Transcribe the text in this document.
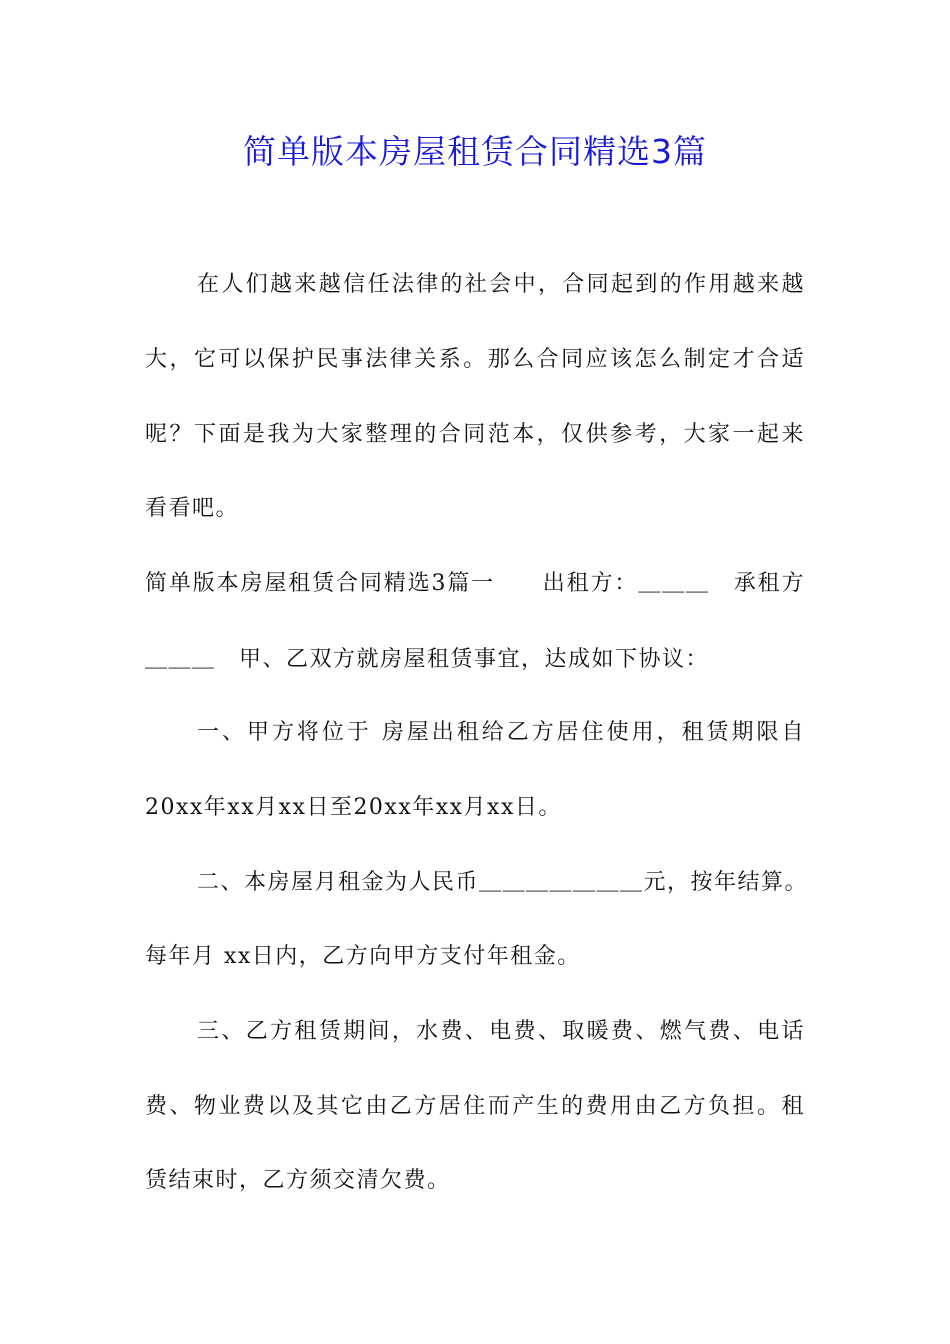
简单版本房屋租赁合同精选3篇

在人们越来越信任法律的社会中，合同起到的作用越来越

大，它可以保护民事法律关系。那么合同应该怎么制定才合适

呢？下面是我为大家整理的合同范本，仅供参考，大家一起来

看看吧。

简单版本房屋租赁合同精选3篇一　　出租方：＿＿＿　承租方

＿＿＿　甲、乙双方就房屋租赁事宜，达成如下协议：

一、甲方将位于 房屋出租给乙方居住使用，租赁期限自

20xx年xx月xx日至20xx年xx月xx日。

二、本房屋月租金为人民币＿＿＿＿＿＿＿元，按年结算。

每年月 xx日内，乙方向甲方支付年租金。

三、乙方租赁期间，水费、电费、取暖费、燃气费、电话

费、物业费以及其它由乙方居住而产生的费用由乙方负担。租

赁结束时，乙方须交清欠费。
